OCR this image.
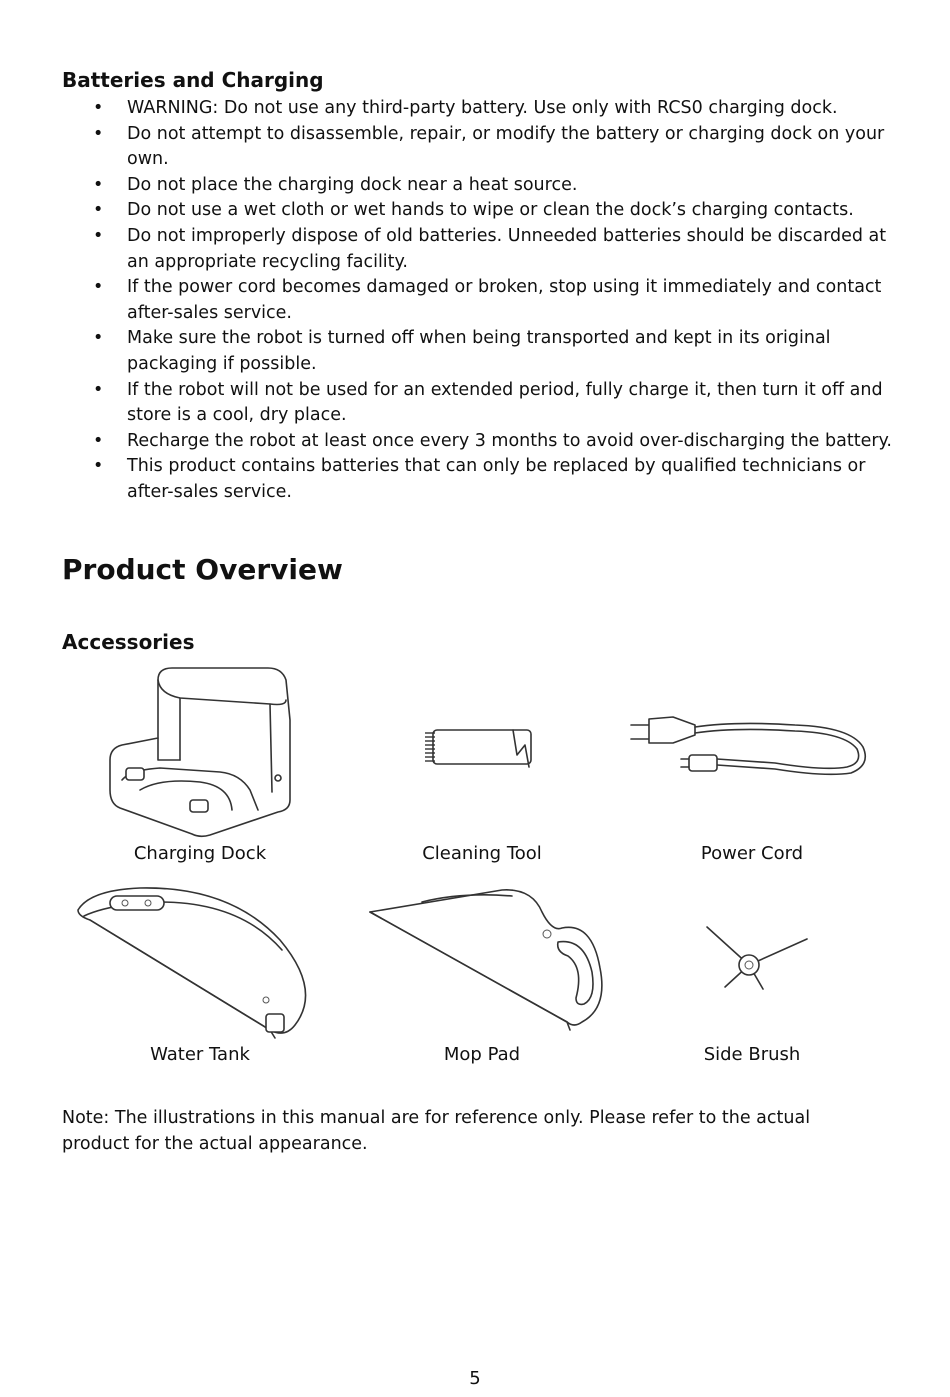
Batteries and Charging
• WARNING: Do not use any third-party battery. Use only with RCS0 charging dock.
• Do not attempt to disassemble, repair, or modify the battery or charging dock on your own.
• Do not place the charging dock near a heat source.
• Do not use a wet cloth or wet hands to wipe or clean the dock’s charging contacts.
• Do not improperly dispose of old batteries. Unneeded batteries should be discarded at an appropriate recycling facility.
• If the power cord becomes damaged or broken, stop using it immediately and contact after-sales service.
• Make sure the robot is turned off when being transported and kept in its original packaging if possible.
• If the robot will not be used for an extended period, fully charge it, then turn it off and store is a cool, dry place.
• Recharge the robot at least once every 3 months to avoid over-discharging the battery.
• This product contains batteries that can only be replaced by qualified technicians or after-sales service.
Product Overview
Accessories
Charging Dock	Cleaning Tool	Power Cord
Water Tank	Mop Pad	Side Brush

Note: The illustrations in this manual are for reference only. Please refer to the actual product for the actual appearance.

5
